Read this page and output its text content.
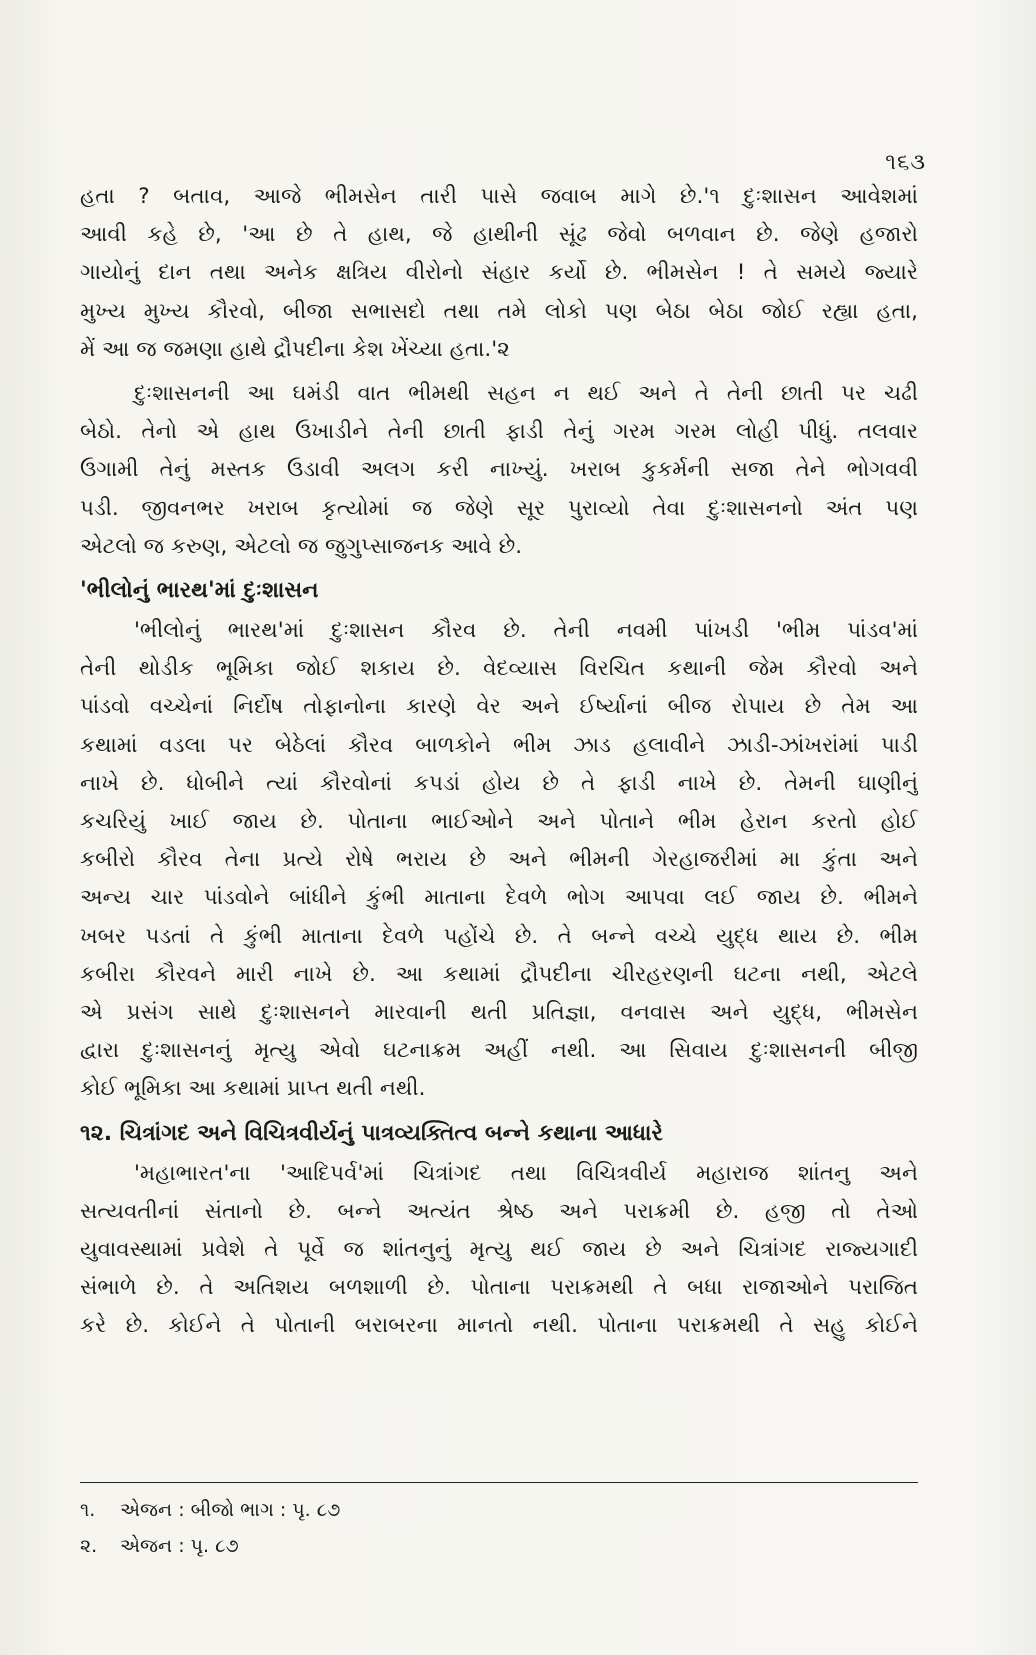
૧૬૩
હતા ? બતાવ, આજે ભીમસેન તારી પાસે જવાબ માગે છે.'૧ દુઃશાસન આવેશમાં
આવી કહે છે, 'આ છે તે હાથ, જે હાથીની સૂંઢ જેવો બળવાન છે. જેણે હજારો
ગાયોનું દાન તથા અનેક ક્ષત્રિય વીરોનો સંહાર કર્યો છે. ભીમસેન ! તે સમયે જ્યારે
મુખ્ય મુખ્ય કૌરવો, બીજા સભાસદો તથા તમે લોકો પણ બેઠા બેઠા જોઈ રહ્યા હતા,
મેં આ જ જમણા હાથે દ્રૌપદીના કેશ ખેંચ્યા હતા.'૨
દુઃશાસનની આ ઘમંડી વાત ભીમથી સહન ન થઈ અને તે તેની છાતી પર ચઢી
બેઠો. તેનો એ હાથ ઉખાડીને તેની છાતી ફાડી તેનું ગરમ ગરમ લોહી પીધું. તલવાર
ઉગામી તેનું મસ્તક ઉડાવી અલગ કરી નાખ્યું. ખરાબ કુકર્મની સજા તેને ભોગવવી
પડી. જીવનભર ખરાબ કૃત્યોમાં જ જેણે સૂર પુરાવ્યો તેવા દુઃશાસનનો અંત પણ
એટલો જ કરુણ, એટલો જ જુગુપ્સાજનક આવે છે.
'ભીલોનું ભારથ'માં દુઃશાસન
'ભીલોનું ભારથ'માં દુઃશાસન કૌરવ છે. તેની નવમી પાંખડી 'ભીમ પાંડવ'માં
તેની થોડીક ભૂમિકા જોઈ શકાય છે. વેદવ્યાસ વિરચિત કથાની જેમ કૌરવો અને
પાંડવો વચ્ચેનાં નિર્દોષ તોફાનોના કારણે વેર અને ઈર્ષ્યાનાં બીજ રોપાય છે તેમ આ
કથામાં વડલા પર બેઠેલાં કૌરવ બાળકોને ભીમ ઝાડ હલાવીને ઝાડી-ઝાંખરાંમાં પાડી
નાખે છે. ધોબીને ત્યાં કૌરવોનાં કપડાં હોય છે તે ફાડી નાખે છે. તેમની ઘાણીનું
કચરિયું ખાઈ જાય છે. પોતાના ભાઈઓને અને પોતાને ભીમ હેરાન કરતો હોઈ
કબીરો કૌરવ તેના પ્રત્યે રોષે ભરાય છે અને ભીમની ગેરહાજરીમાં મા કુંતા અને
અન્ય ચાર પાંડવોને બાંધીને કુંભી માતાના દેવળે ભોગ આપવા લઈ જાય છે. ભીમને
ખબર પડતાં તે કુંભી માતાના દેવળે પહોંચે છે. તે બન્ને વચ્ચે યુદ્ધ થાય છે. ભીમ
કબીરા કૌરવને મારી નાખે છે. આ કથામાં દ્રૌપદીના ચીરહરણની ઘટના નથી, એટલે
એ પ્રસંગ સાથે દુઃશાસનને મારવાની થતી પ્રતિજ્ઞા, વનવાસ અને યુદ્ધ, ભીમસેન
દ્વારા દુઃશાસનનું મૃત્યુ એવો ઘટનાક્રમ અહીં નથી. આ સિવાય દુઃશાસનની બીજી
કોઈ ભૂમિકા આ કથામાં પ્રાપ્ત થતી નથી.
૧૨. ચિત્રાંગદ અને વિચિત્રવીર્યનું પાત્રવ્યક્તિત્વ બન્ને કથાના આધારે
'મહાભારત'ના 'આદિપર્વ'માં ચિત્રાંગદ તથા વિચિત્રવીર્ય મહારાજ શાંતનુ અને
સત્યવતીનાં સંતાનો છે. બન્ને અત્યંત શ્રેષ્ઠ અને પરાક્રમી છે. હજી તો તેઓ
યુવાવસ્થામાં પ્રવેશે તે પૂર્વે જ શાંતનુનું મૃત્યુ થઈ જાય છે અને ચિત્રાંગદ રાજ્યગાદી
સંભાળે છે. તે અતિશય બળશાળી છે. પોતાના પરાક્રમથી તે બધા રાજાઓને પરાજિત
કરે છે. કોઈને તે પોતાની બરાબરના માનતો નથી. પોતાના પરાક્રમથી તે સહુ કોઈને
૧.	એજન : બીજો ભાગ : પૃ. ૮૭
૨.	એજન : પૃ. ૮૭
